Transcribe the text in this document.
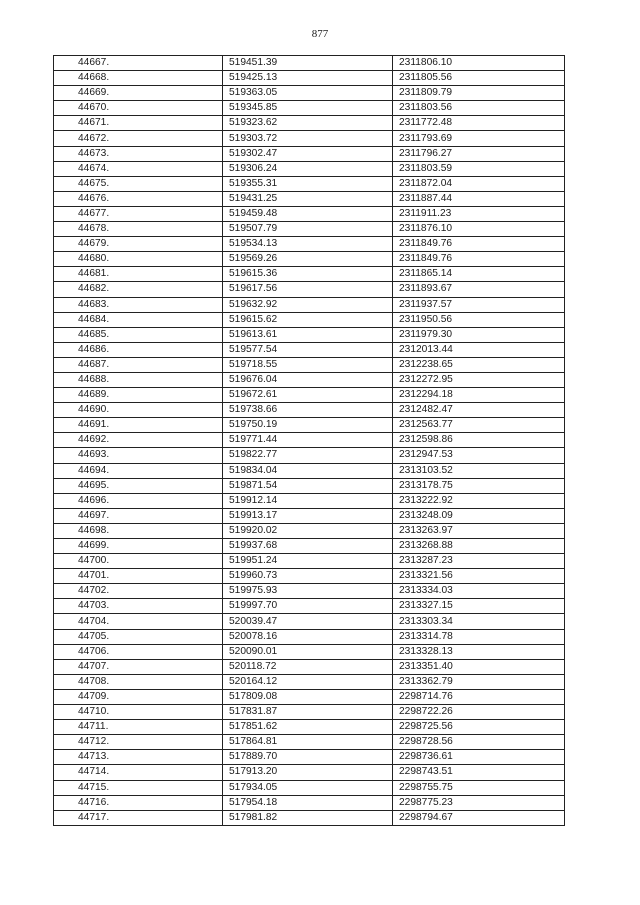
877
44667.	519451.39	2311806.10
44668.	519425.13	2311805.56
44669.	519363.05	2311809.79
44670.	519345.85	2311803.56
44671.	519323.62	2311772.48
44672.	519303.72	2311793.69
44673.	519302.47	2311796.27
44674.	519306.24	2311803.59
44675.	519355.31	2311872.04
44676.	519431.25	2311887.44
44677.	519459.48	2311911.23
44678.	519507.79	2311876.10
44679.	519534.13	2311849.76
44680.	519569.26	2311849.76
44681.	519615.36	2311865.14
44682.	519617.56	2311893.67
44683.	519632.92	2311937.57
44684.	519615.62	2311950.56
44685.	519613.61	2311979.30
44686.	519577.54	2312013.44
44687.	519718.55	2312238.65
44688.	519676.04	2312272.95
44689.	519672.61	2312294.18
44690.	519738.66	2312482.47
44691.	519750.19	2312563.77
44692.	519771.44	2312598.86
44693.	519822.77	2312947.53
44694.	519834.04	2313103.52
44695.	519871.54	2313178.75
44696.	519912.14	2313222.92
44697.	519913.17	2313248.09
44698.	519920.02	2313263.97
44699.	519937.68	2313268.88
44700.	519951.24	2313287.23
44701.	519960.73	2313321.56
44702.	519975.93	2313334.03
44703.	519997.70	2313327.15
44704.	520039.47	2313303.34
44705.	520078.16	2313314.78
44706.	520090.01	2313328.13
44707.	520118.72	2313351.40
44708.	520164.12	2313362.79
44709.	517809.08	2298714.76
44710.	517831.87	2298722.26
44711.	517851.62	2298725.56
44712.	517864.81	2298728.56
44713.	517889.70	2298736.61
44714.	517913.20	2298743.51
44715.	517934.05	2298755.75
44716.	517954.18	2298775.23
44717.	517981.82	2298794.67
